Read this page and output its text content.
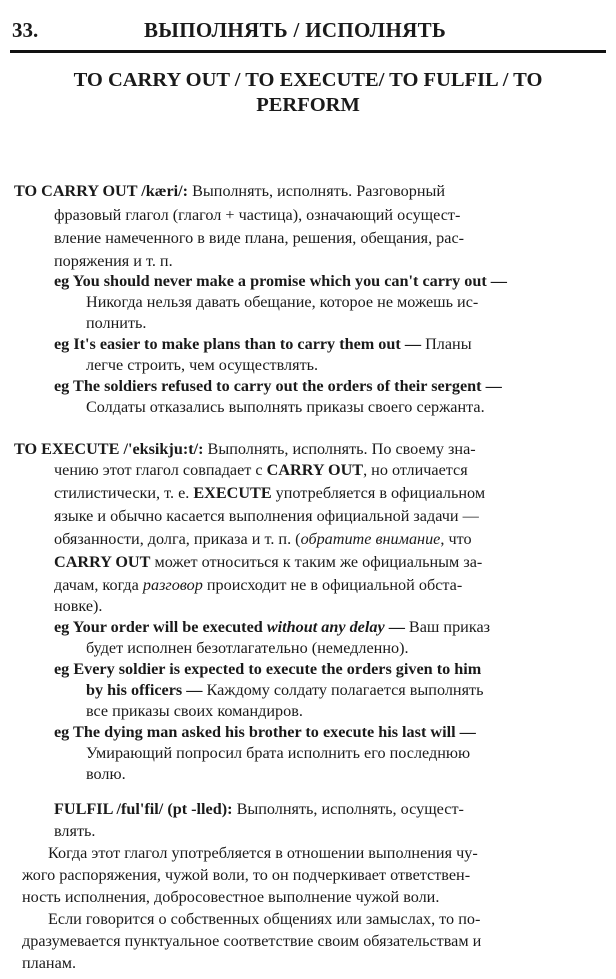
33.	ВЫПОЛНЯТЬ / ИСПОЛНЯТЬ
TO CARRY OUT / TO EXECUTE/ TO FULFIL / TO
PERFORM
TO CARRY OUT /kæri/: Выполнять, исполнять. Разговорный
фразовый глагол (глагол + частица), означающий осущест-
вление намеченного в виде плана, решения, обещания, рас-
поряжения и т. п.
eg You should never make a promise which you can't carry out —
Никогда нельзя давать обещание, которое не можешь ис-
полнить.
eg It's easier to make plans than to carry them out — Планы
легче строить, чем осуществлять.
eg The soldiers refused to carry out the orders of their sergent —
Солдаты отказались выполнять приказы своего сержанта.
TO EXECUTE /'eksikju:t/: Выполнять, исполнять. По своему зна-
чению этот глагол совпадает с CARRY OUT, но отличается
стилистически, т. е. EXECUTE употребляется в официальном
языке и обычно касается выполнения официальной задачи —
обязанности, долга, приказа и т. п. (обратите внимание, что
CARRY OUT может относиться к таким же официальным за-
дачам, когда разговор происходит не в официальной обста-
новке).
eg Your order will be executed without any delay — Ваш приказ
будет исполнен безотлагательно (немедленно).
eg Every soldier is expected to execute the orders given to him
by his officers — Каждому солдату полагается выполнять
все приказы своих командиров.
eg The dying man asked his brother to execute his last will —
Умирающий попросил брата исполнить его последнюю
волю.
FULFIL /ful'fil/ (pt -lled): Выполнять, исполнять, осущест-
влять.
Когда этот глагол употребляется в отношении выполнения чу-
жого распоряжения, чужой воли, то он подчеркивает ответствен-
ность исполнения, добросовестное выполнение чужой воли.
Если говорится о собственных общениях или замыслах, то по-
дразумевается пунктуальное соответствие своим обязательствам и
планам.
